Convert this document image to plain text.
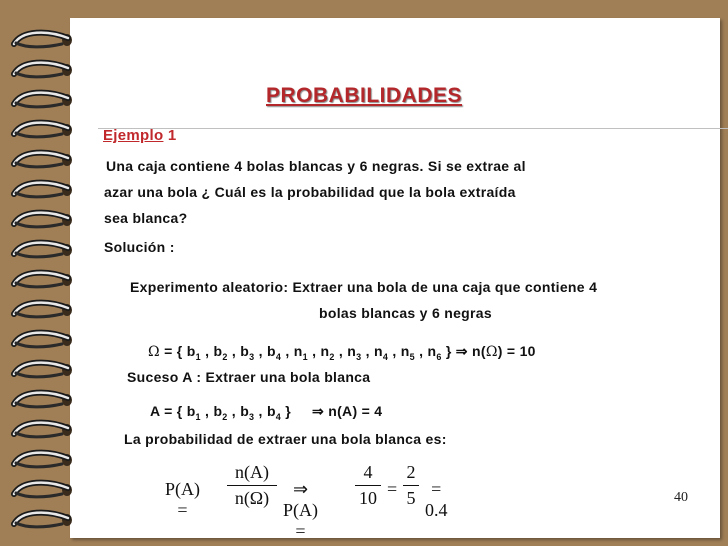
PROBABILIDADES
Ejemplo 1
Una caja contiene 4 bolas blancas y 6 negras. Si se extrae al
azar una bola ¿ Cuál es la probabilidad que la bola extraída
sea blanca?
Solución :
Experimento aleatorio: Extraer una bola de una caja que contiene 4
bolas blancas y 6 negras
Ω = { $b_1$ , $b_2$ , $b_3$ , $b_4$ , $n_1$ , $n_2$ , $n_3$ , $n_4$ , $n_5$ , $n_6$ } ⇒ n(Ω) = 10
Suceso A : Extraer una bola blanca
A = { $b_1$ , $b_2$ , $b_3$ , $b_4$ } ⇒ n(A) = 4
La probabilidad de extraer una bola blanca es:
P(A) =
n(A)
n(Ω)	⇒ P(A) =
4
10 =
2
5 = 0.4
40
